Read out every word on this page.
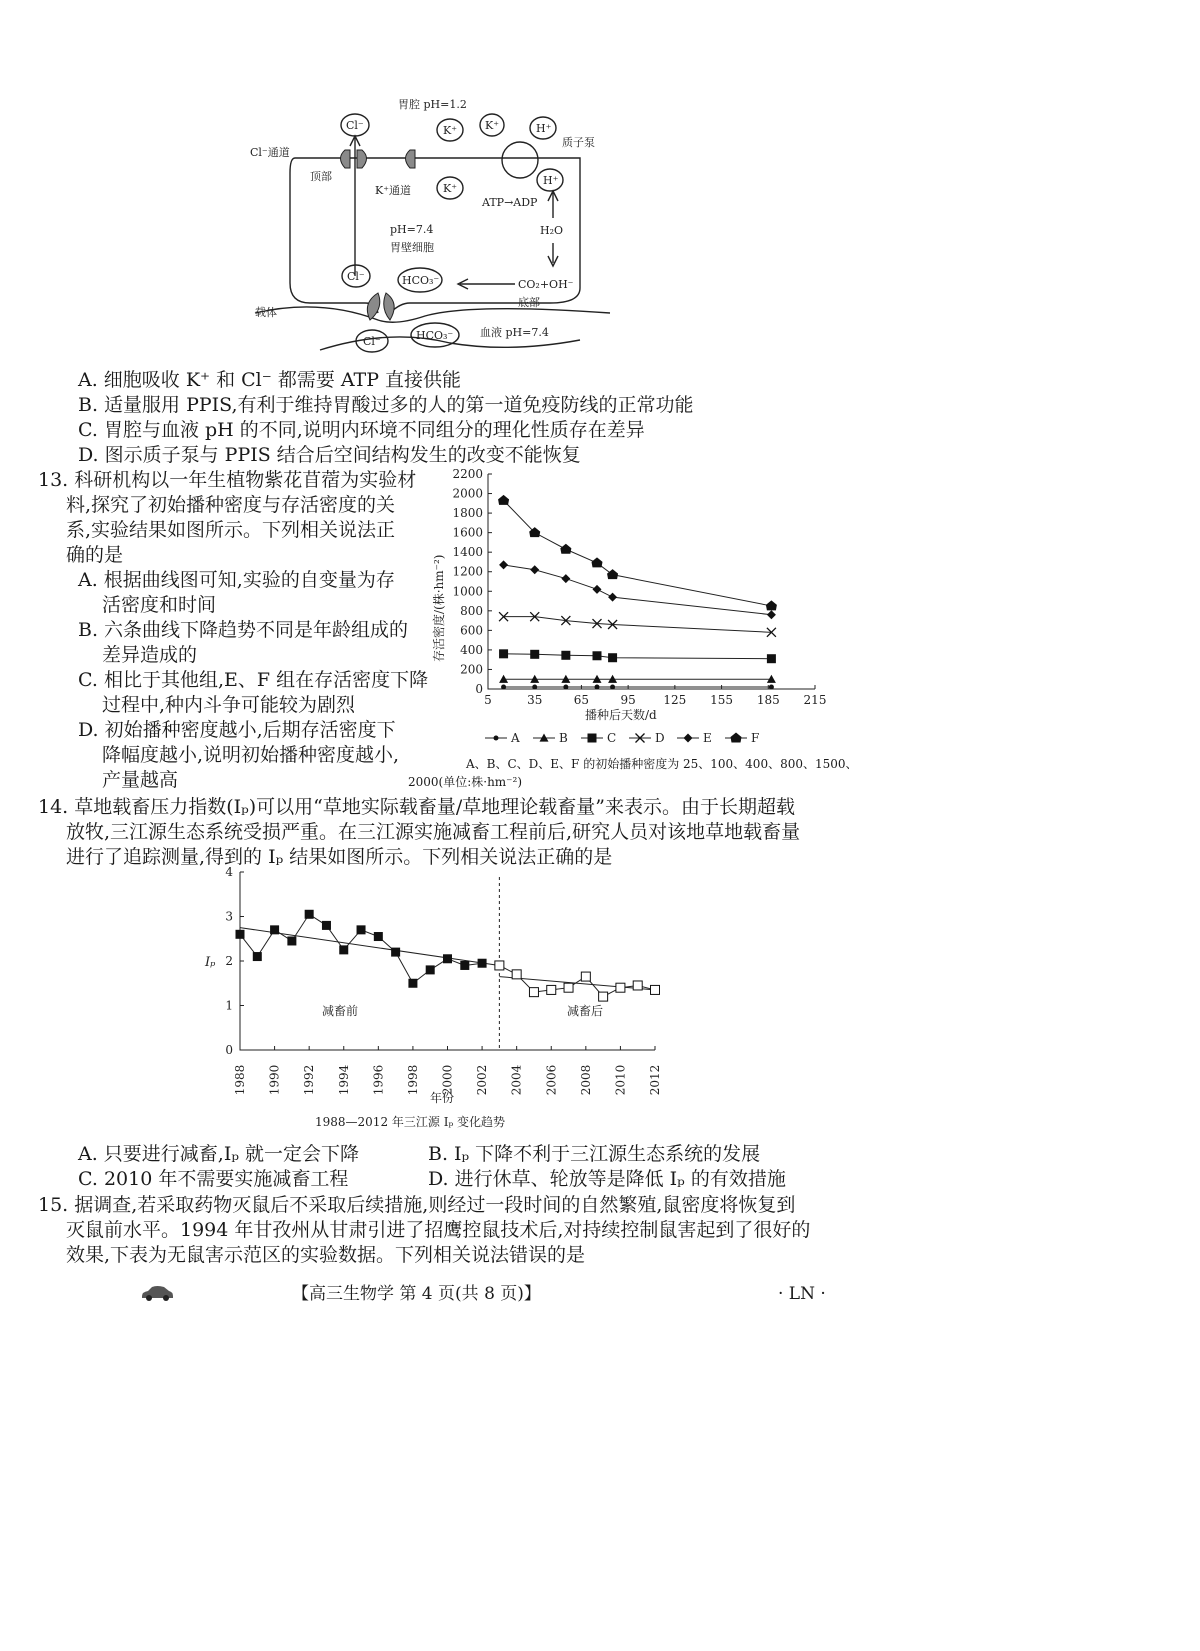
胃腔 pH=1.2
Cl⁻通道
顶部
K⁺通道
质子泵
ATP→ADP
pH=7.4
胃壁细胞
H₂O
CO₂+OH⁻
底部
载体
血液 pH=7.4
Cl⁻	K⁺
K⁺
K⁺	H⁺
H⁺
Cl⁻	HCO₃⁻
Cl⁻	HCO₃⁻
A. 细胞吸收 K⁺ 和 Cl⁻ 都需要 ATP 直接供能
B. 适量服用 PPIS,有利于维持胃酸过多的人的第一道免疫防线的正常功能
C. 胃腔与血液 pH 的不同,说明内环境不同组分的理化性质存在差异
D. 图示质子泵与 PPIS 结合后空间结构发生的改变不能恢复
13. 科研机构以一年生植物紫花苜蓿为实验材
料,探究了初始播种密度与存活密度的关
系,实验结果如图所示。下列相关说法正
确的是
A. 根据曲线图可知,实验的自变量为存
活密度和时间
B. 六条曲线下降趋势不同是年龄组成的
差异造成的
C. 相比于其他组,E、F 组在存活密度下降
过程中,种内斗争可能较为剧烈
D. 初始播种密度越小,后期存活密度下
降幅度越小,说明初始播种密度越小,
产量越高
0
200
400
600
800
1000
1200
1400
1600
1800
2000
2200
5	35	65	95 125 155 185 215
播种后天数/d
存活密度/(株·hm⁻²)
A	B	C	D	E	F
A、B、C、D、E、F 的初始播种密度为 25、100、400、800、1500、
2000(单位:株·hm⁻²)
14. 草地载畜压力指数(Iₚ)可以用“草地实际载畜量/草地理论载畜量”来表示。由于长期超载
放牧,三江源生态系统受损严重。在三江源实施减畜工程前后,研究人员对该地草地载畜量
进行了追踪测量,得到的 Iₚ 结果如图所示。下列相关说法正确的是
0
1
2
3
4
1988 1990 1992 1994 1996 1998 2000 2002 2004 2006 2008 2010 2012
Iₚ
年份
减畜前	减畜后
1988—2012 年三江源 Iₚ 变化趋势
A. 只要进行减畜,Iₚ 就一定会下降	B. Iₚ 下降不利于三江源生态系统的发展
C. 2010 年不需要实施减畜工程	D. 进行休草、轮放等是降低 Iₚ 的有效措施
15. 据调查,若采取药物灭鼠后不采取后续措施,则经过一段时间的自然繁殖,鼠密度将恢复到
灭鼠前水平。1994 年甘孜州从甘肃引进了招鹰控鼠技术后,对持续控制鼠害起到了很好的
效果,下表为无鼠害示范区的实验数据。下列相关说法错误的是
【高三生物学 第 4 页(共 8 页)】	· LN ·
